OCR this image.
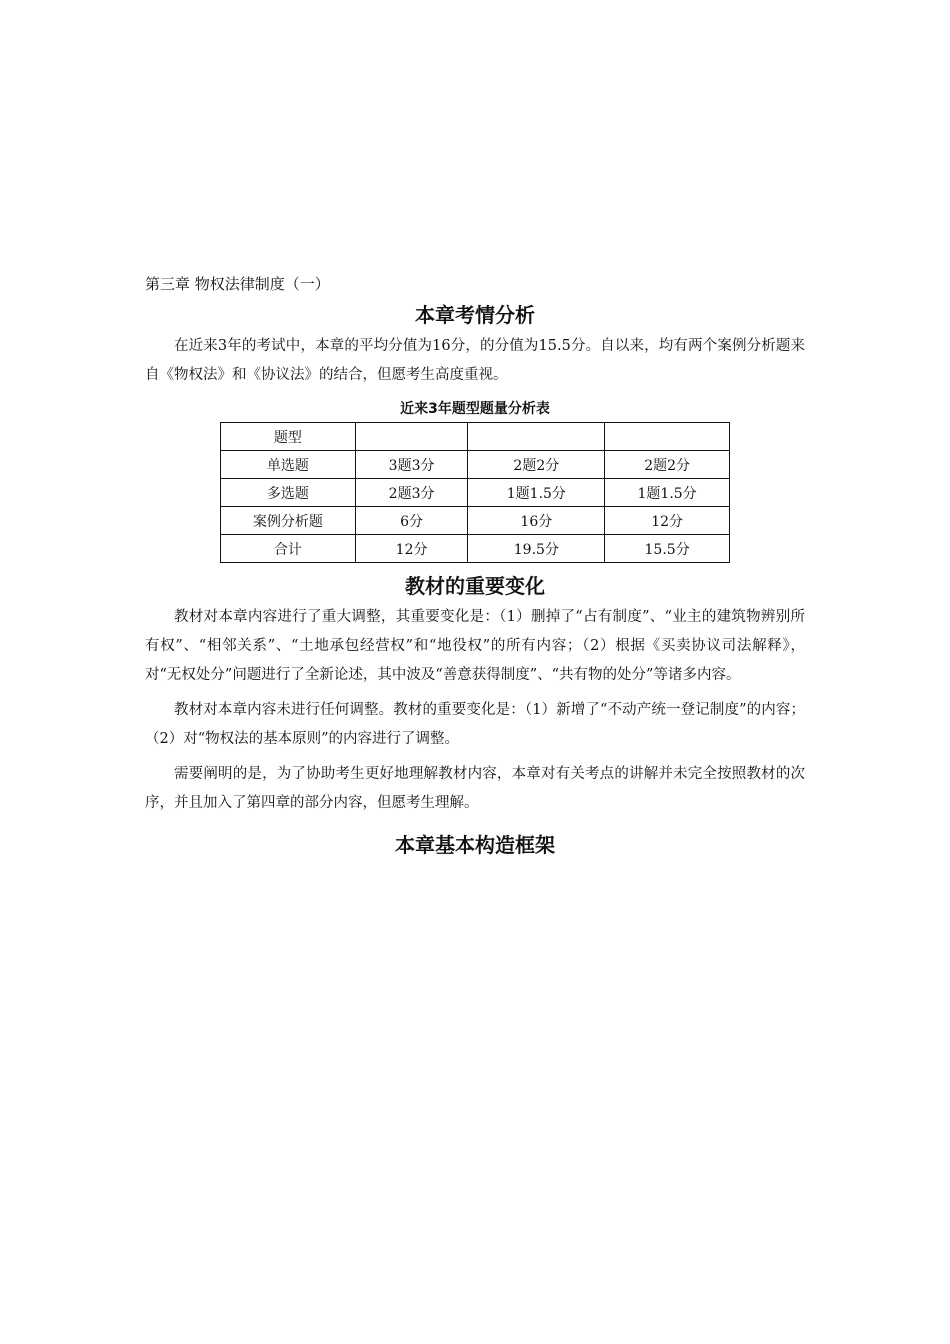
第三章 物权法律制度（一）

本章考情分析

在近来3年的考试中，本章的平均分值为16分，的分值为15.5分。自以来，均有两个案例分析题来自《物权法》和《协议法》的结合，但愿考生高度重视。

近来3年题型题量分析表

题型			
单选题	3题3分	2题2分	2题2分
多选题	2题3分	1题1.5分	1题1.5分
案例分析题	6分	16分	12分
合计	12分	19.5分	15.5分
教材的重要变化

教材对本章内容进行了重大调整，其重要变化是：（1）删掉了“占有制度”、“业主的建筑物辨别所有权”、“相邻关系”、“土地承包经营权”和“地役权”的所有内容；（2）根据《买卖协议司法解释》，对“无权处分”问题进行了全新论述，其中波及“善意获得制度”、“共有物的处分”等诸多内容。

教材对本章内容未进行任何调整。教材的重要变化是：（1）新增了“不动产统一登记制度”的内容；（2）对“物权法的基本原则”的内容进行了调整。

需要阐明的是，为了协助考生更好地理解教材内容，本章对有关考点的讲解并未完全按照教材的次序，并且加入了第四章的部分内容，但愿考生理解。

本章基本构造框架
